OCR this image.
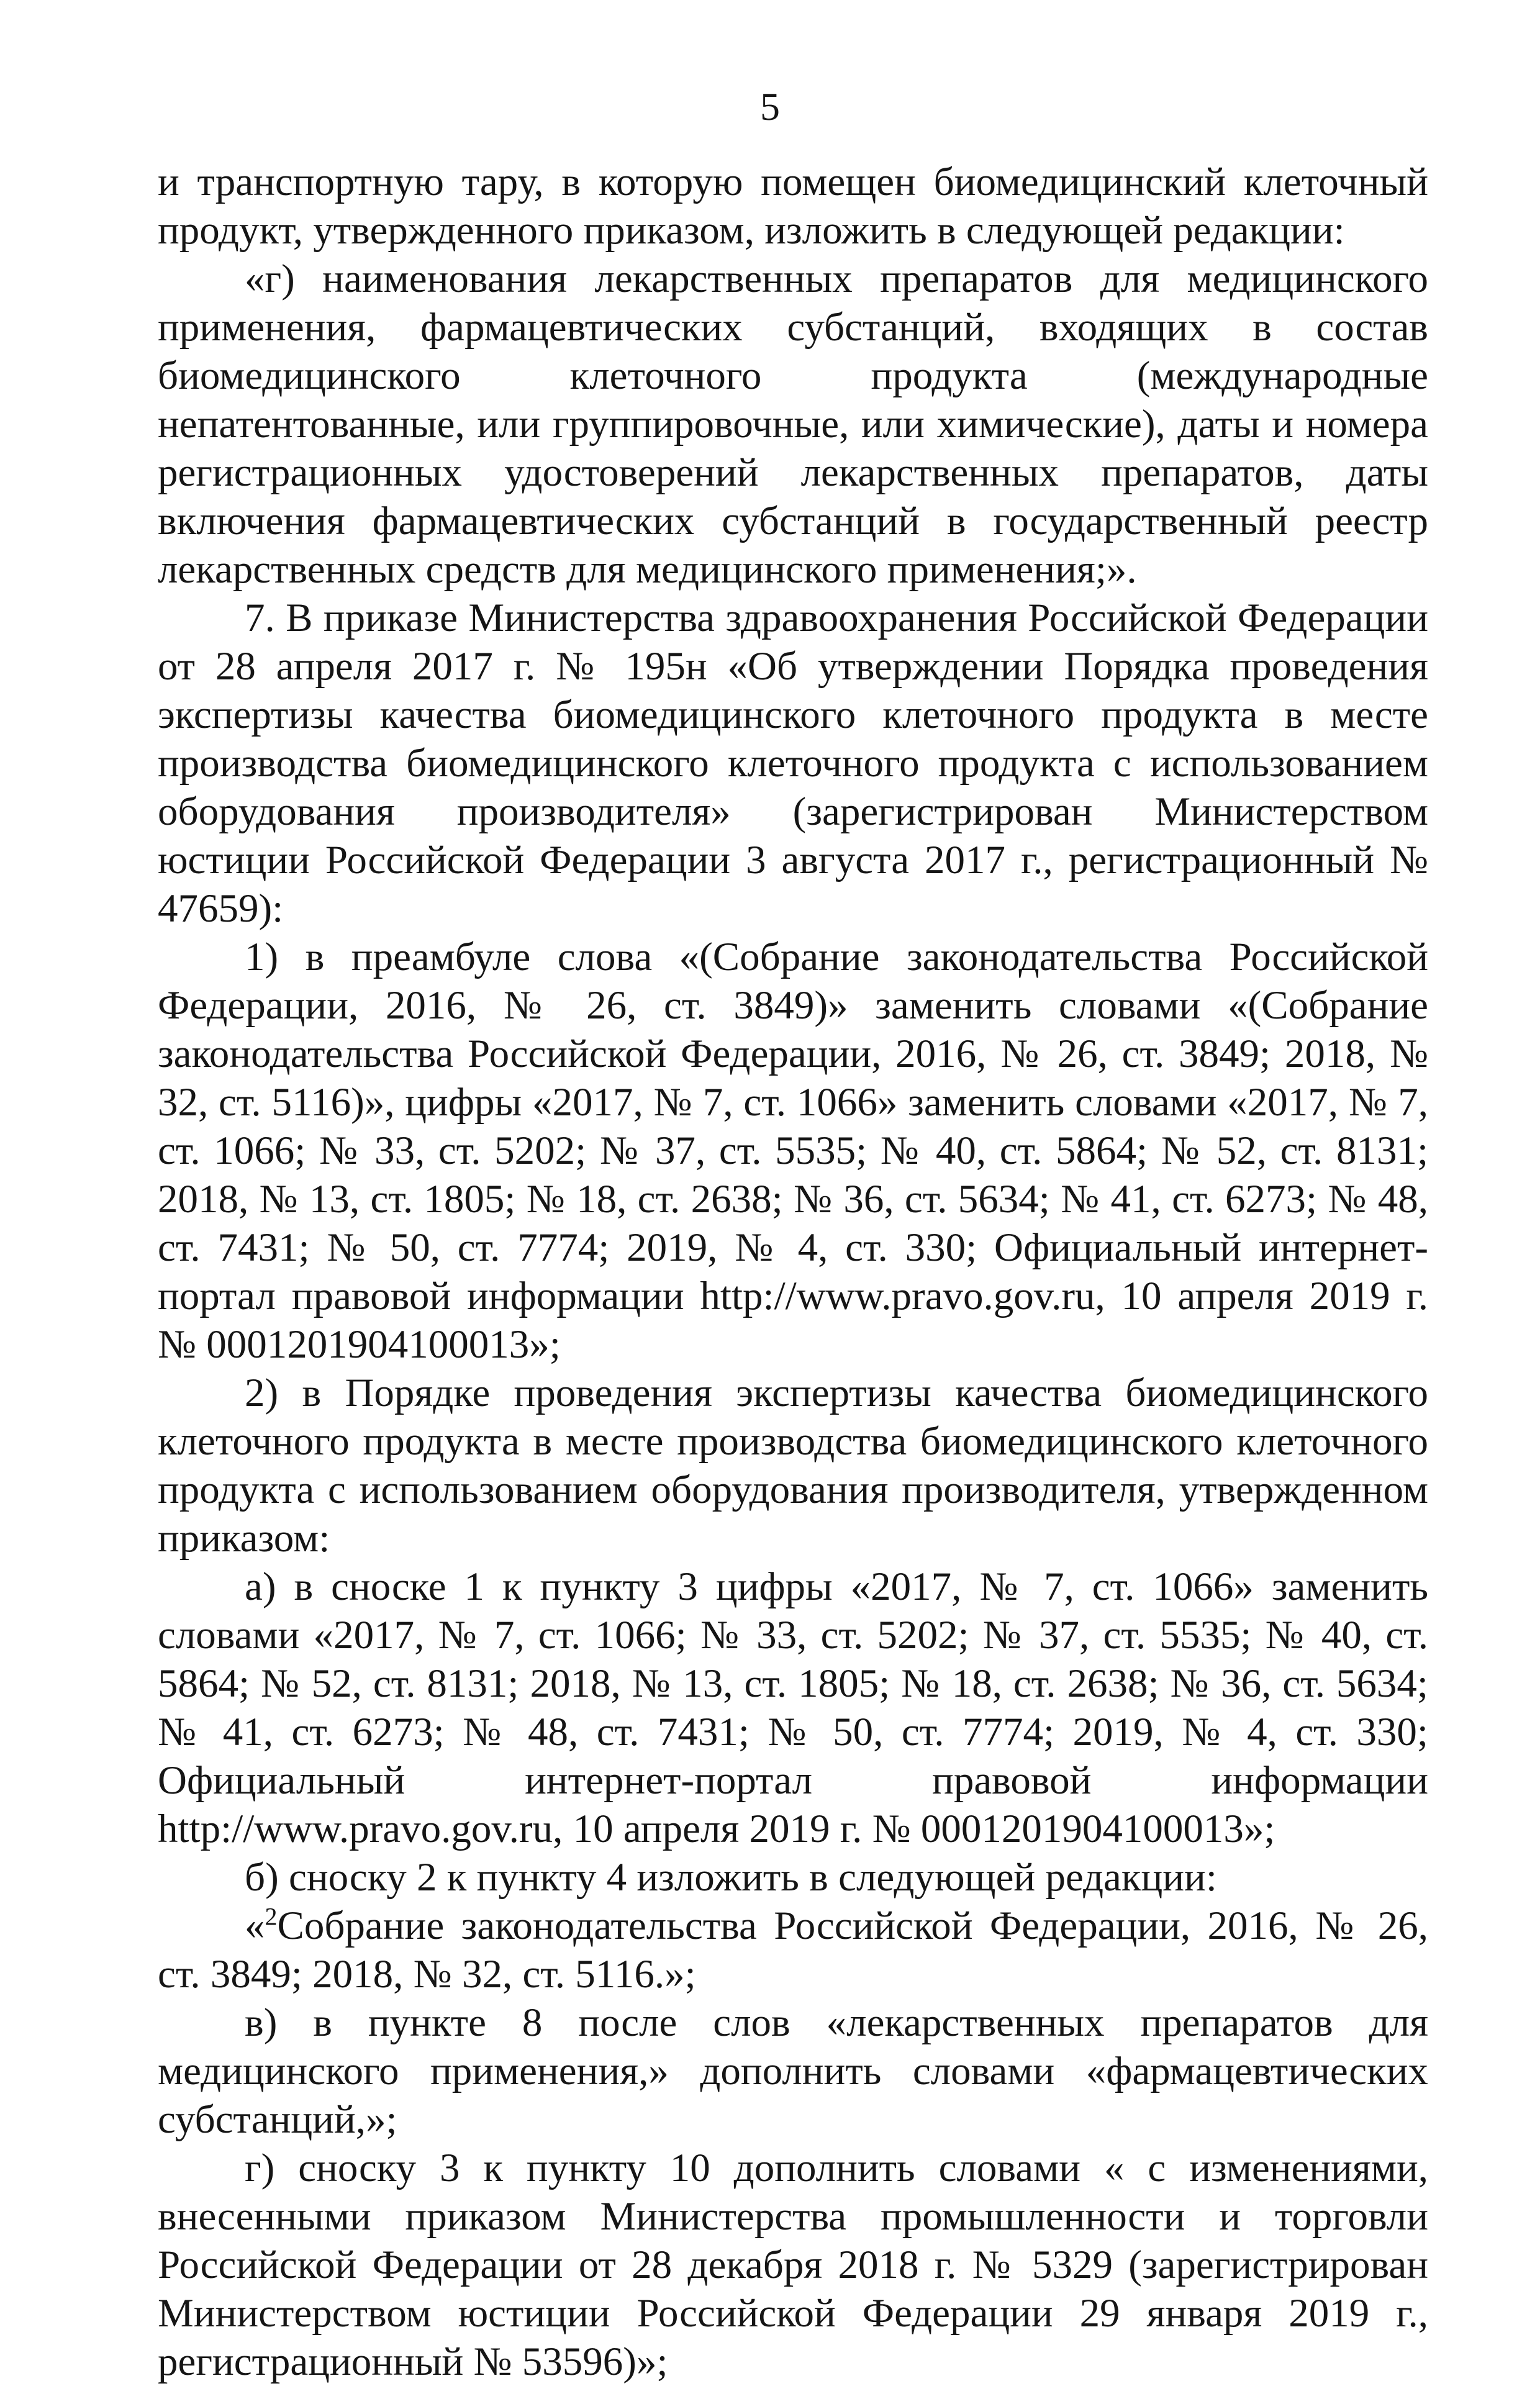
5

и транспортную тару, в которую помещен биомедицинский клеточный продукт, утвержденного приказом, изложить в следующей редакции:

«г) наименования лекарственных препаратов для медицинского применения, фармацевтических субстанций, входящих в состав биомедицинского клеточного продукта (международные непатентованные, или группировочные, или химические), даты и номера регистрационных удостоверений лекарственных препаратов, даты включения фармацевтических субстанций в государственный реестр лекарственных средств для медицинского применения;».

7. В приказе Министерства здравоохранения Российской Федерации от 28 апреля 2017 г. № 195н «Об утверждении Порядка проведения экспертизы качества биомедицинского клеточного продукта в месте производства биомедицинского клеточного продукта с использованием оборудования производителя» (зарегистрирован Министерством юстиции Российской Федерации 3 августа 2017 г., регистрационный № 47659):

1) в преамбуле слова «(Собрание законодательства Российской Федерации, 2016, № 26, ст. 3849)» заменить словами «(Собрание законодательства Российской Федерации, 2016, № 26, ст. 3849; 2018, № 32, ст. 5116)», цифры «2017, № 7, ст. 1066» заменить словами «2017, № 7, ст. 1066; № 33, ст. 5202; № 37, ст. 5535; № 40, ст. 5864; № 52, ст. 8131; 2018, № 13, ст. 1805; № 18, ст. 2638; № 36, ст. 5634; № 41, ст. 6273; № 48, ст. 7431; № 50, ст. 7774; 2019, № 4, ст. 330; Официальный интернет-портал правовой информации http://www.pravo.gov.ru, 10 апреля 2019 г. № 0001201904100013»;

2) в Порядке проведения экспертизы качества биомедицинского клеточного продукта в месте производства биомедицинского клеточного продукта с использованием оборудования производителя, утвержденном приказом:

а) в сноске 1 к пункту 3 цифры «2017, № 7, ст. 1066» заменить словами «2017, № 7, ст. 1066; № 33, ст. 5202; № 37, ст. 5535; № 40, ст. 5864; № 52, ст. 8131; 2018, № 13, ст. 1805; № 18, ст. 2638; № 36, ст. 5634; № 41, ст. 6273; № 48, ст. 7431; № 50, ст. 7774; 2019, № 4, ст. 330; Официальный интернет-портал правовой информации http://www.pravo.gov.ru, 10 апреля 2019 г. № 0001201904100013»;

б) сноску 2 к пункту 4 изложить в следующей редакции:

«$^2$Собрание законодательства Российской Федерации, 2016, № 26, ст. 3849; 2018, № 32, ст. 5116.»;

в) в пункте 8 после слов «лекарственных препаратов для медицинского применения,» дополнить словами «фармацевтических субстанций,»;

г) сноску 3 к пункту 10 дополнить словами « с изменениями, внесенными приказом Министерства промышленности и торговли Российской Федерации от 28 декабря 2018 г. № 5329 (зарегистрирован Министерством юстиции Российской Федерации 29 января 2019 г., регистрационный № 53596)»;
